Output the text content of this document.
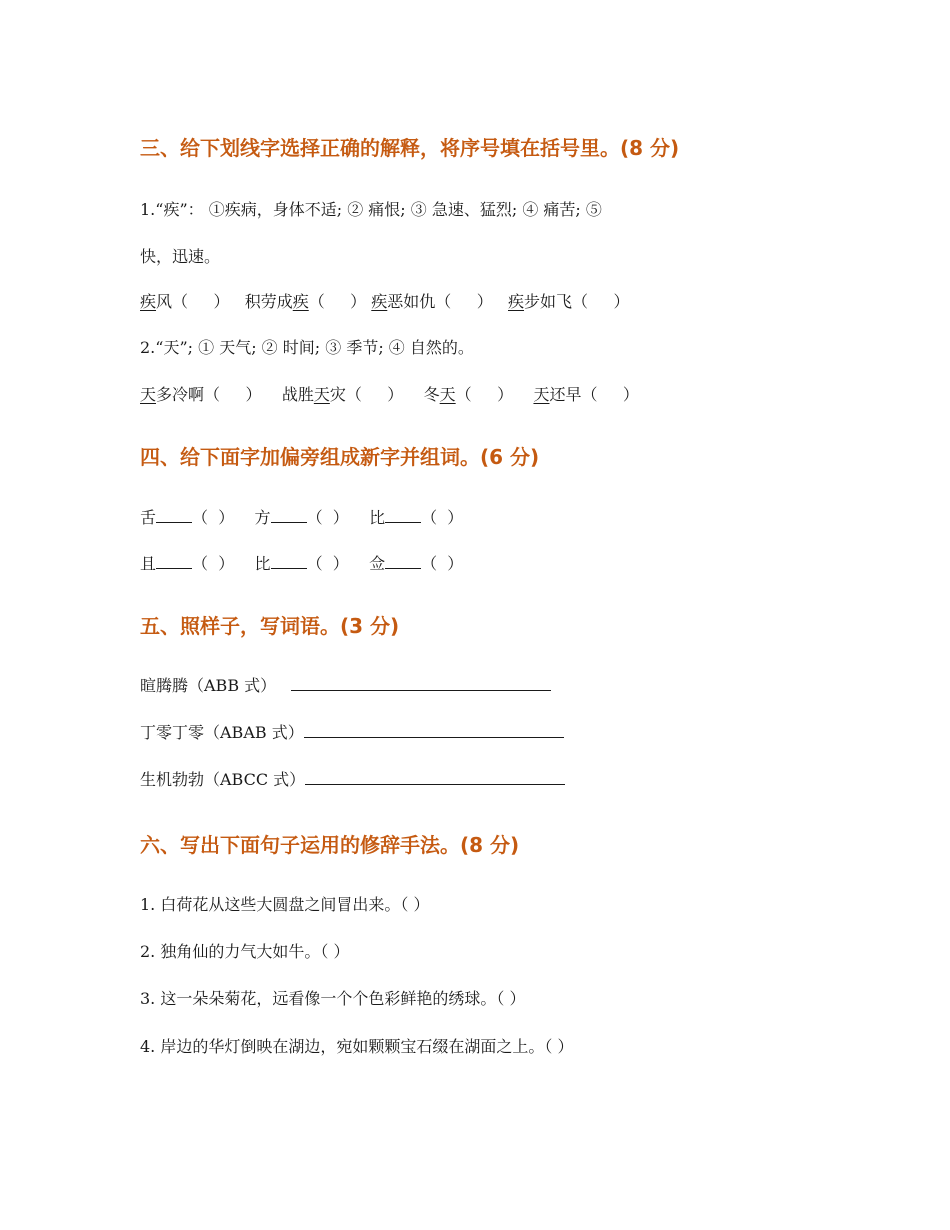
三、给下划线字选择正确的解释，将序号填在括号里。(8 分)
1.“疾”： ①疾病，身体不适; ② 痛恨; ③ 急速、猛烈; ④ 痛苦; ⑤
快，迅速。
疾风（     ）   积劳成疾（     ） 疾恶如仇（     ）   疾步如飞（     ）
2.“天”; ① 天气; ② 时间; ③ 季节; ④ 自然的。
天多冷啊（     ）    战胜天灾（     ）    冬天（     ）    天还早（     ）
四、给下面字加偏旁组成新字并组词。(6 分)
舌 （  ） 方 （  ） 比 （  ）
且 （  ） 比 （  ） 佥 （  ）
五、照样子，写词语。(3 分)
暄腾腾（ABB 式）
丁零丁零（ABAB 式）
生机勃勃（ABCC 式）
六、写出下面句子运用的修辞手法。(8 分)
1. 白荷花从这些大圆盘之间冒出来。（ ）
2. 独角仙的力气大如牛。（ ）
3. 这一朵朵菊花，远看像一个个色彩鲜艳的绣球。（ ）
4. 岸边的华灯倒映在湖边，宛如颗颗宝石缀在湖面之上。（ ）
